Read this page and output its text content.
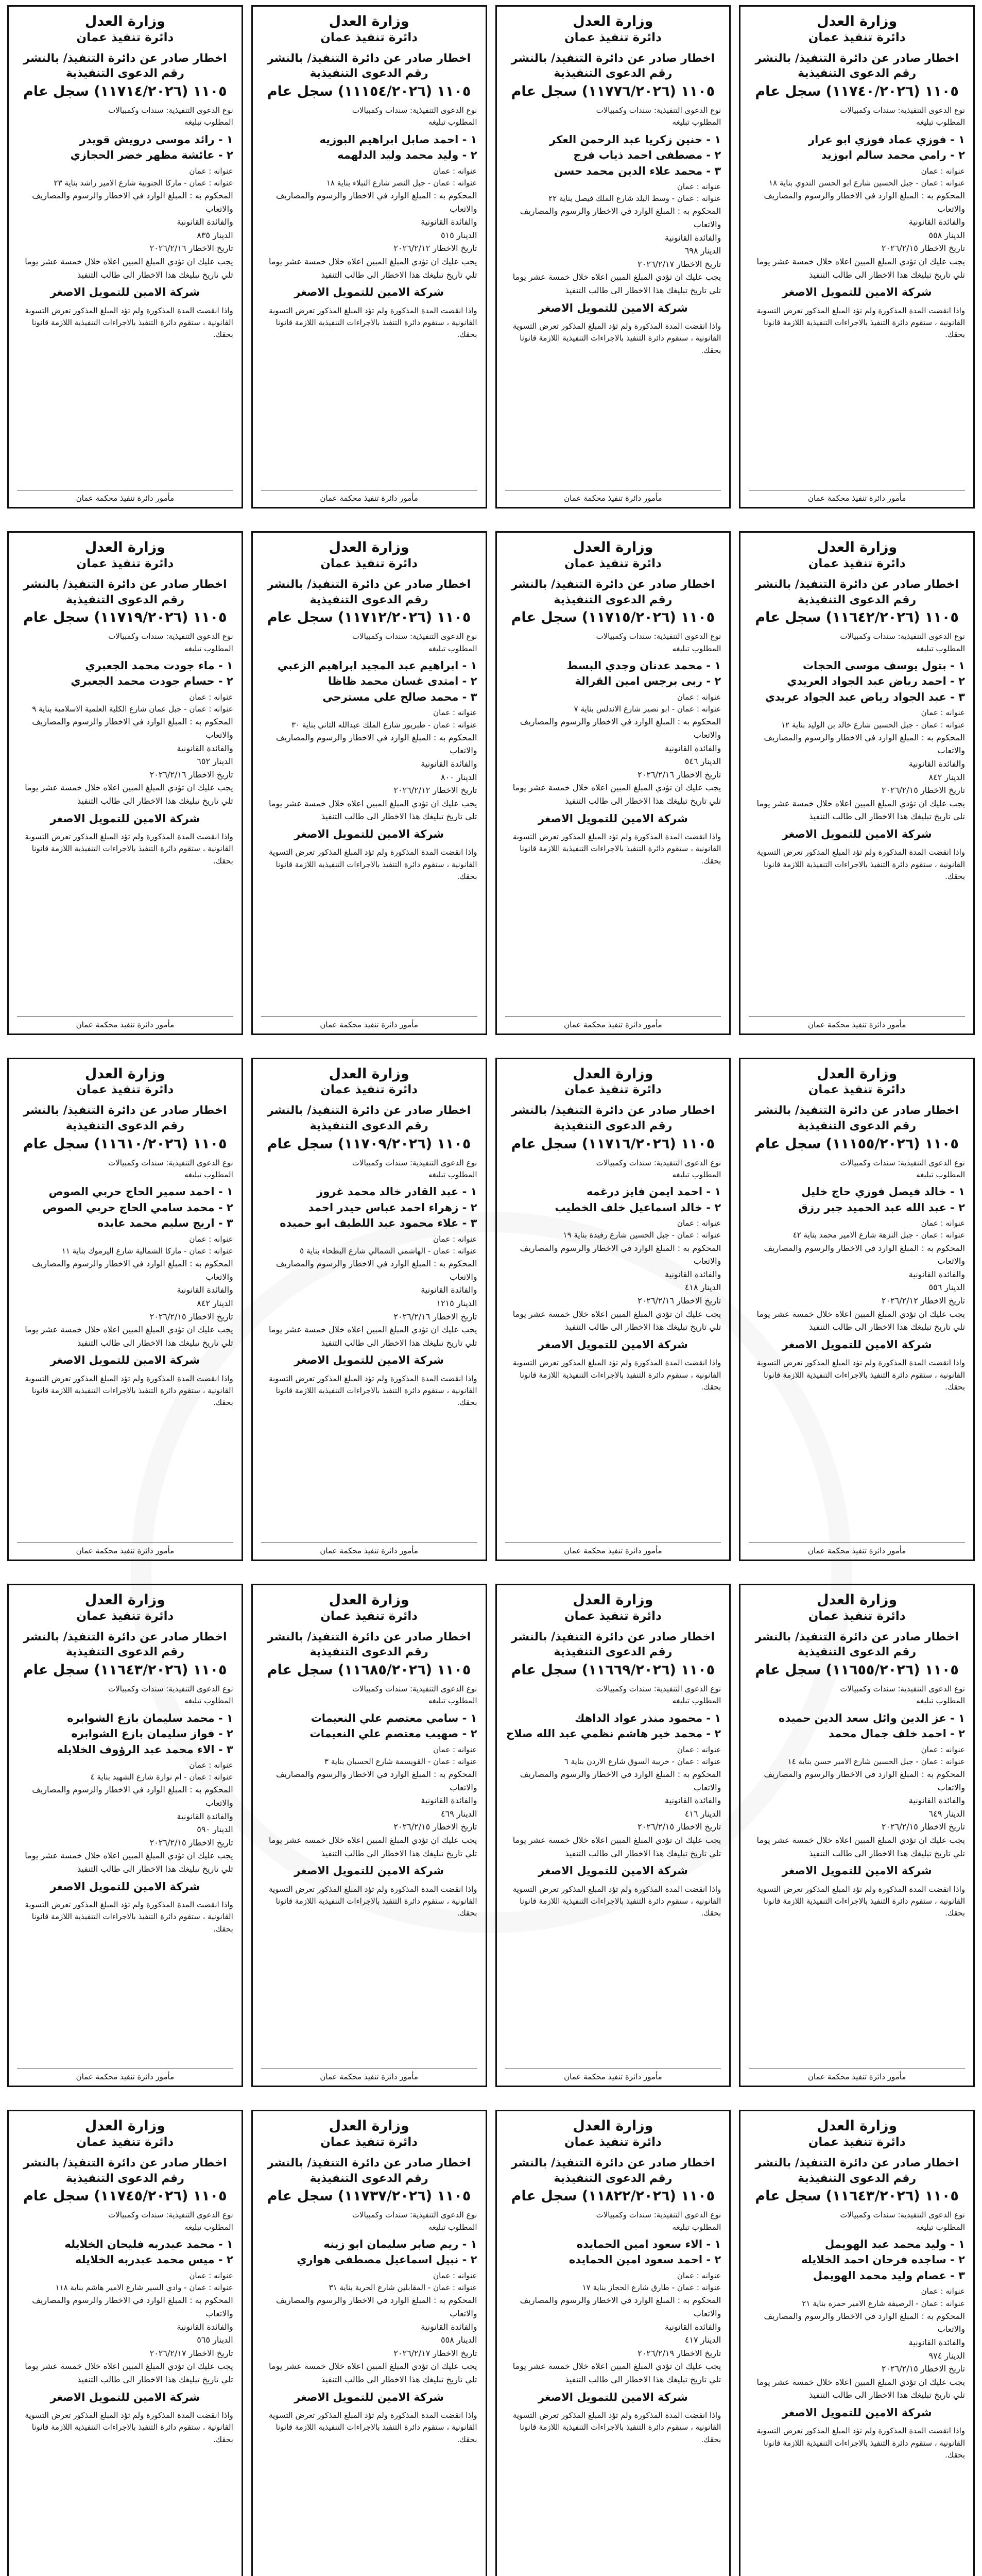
وزارة العدل
دائرة تنفيذ عمان
اخطار صادر عن دائرة التنفيذ/ بالنشر
رقم الدعوى التنفيذية
١١٠٥ (١١٧٤٠/٢٠٢٦) سجل عام
نوع الدعوى التنفيذية: سندات وكمبيالات
المطلوب تبليغه
١ - فوزي عماد فوزي ابو عرار
٢ - رامي محمد سالم ابوزيد
عنوانه : عمان
عنوانه : عمان - جبل الحسين شارع ابو الحسن الندوي بناية ١٨
المحكوم به : المبلغ الوارد في الاخطار والرسوم والمصاريف والاتعاب
والفائدة القانونية
الدينار ٥٥٨
تاريخ الاخطار ٢٠٢٦/٢/١٥
يجب عليك ان تؤدي المبلغ المبين اعلاه خلال خمسة عشر يوما تلي تاريخ تبليغك هذا الاخطار الى طالب التنفيذ
شركة الامين للتمويل الاصغر
واذا انقضت المدة المذكورة ولم تؤد المبلغ المذكور تعرض التسوية القانونية ، ستقوم دائرة التنفيذ بالاجراءات التنفيذية اللازمة قانونا بحقك.
مأمور دائرة تنفيذ محكمة عمان
وزارة العدل
دائرة تنفيذ عمان
اخطار صادر عن دائرة التنفيذ/ بالنشر
رقم الدعوى التنفيذية
١١٠٥ (١١٧٧٦/٢٠٢٦) سجل عام
نوع الدعوى التنفيذية: سندات وكمبيالات
المطلوب تبليغه
١ - حنين زكريا عبد الرحمن العكر
٢ - مصطفى احمد ذياب فرج
٣ - محمد علاء الدين محمد حسن
عنوانه : عمان
عنوانه : عمان - وسط البلد شارع الملك فيصل بناية ٢٢
المحكوم به : المبلغ الوارد في الاخطار والرسوم والمصاريف والاتعاب
والفائدة القانونية
الدينار ٦٩٨
تاريخ الاخطار ٢٠٢٦/٢/١٧
يجب عليك ان تؤدي المبلغ المبين اعلاه خلال خمسة عشر يوما تلي تاريخ تبليغك هذا الاخطار الى طالب التنفيذ
شركة الامين للتمويل الاصغر
واذا انقضت المدة المذكورة ولم تؤد المبلغ المذكور تعرض التسوية القانونية ، ستقوم دائرة التنفيذ بالاجراءات التنفيذية اللازمة قانونا بحقك.
مأمور دائرة تنفيذ محكمة عمان
وزارة العدل
دائرة تنفيذ عمان
اخطار صادر عن دائرة التنفيذ/ بالنشر
رقم الدعوى التنفيذية
١١٠٥ (١١١٥٤/٢٠٢٦) سجل عام
نوع الدعوى التنفيذية: سندات وكمبيالات
المطلوب تبليغه
١ - احمد صابل ابراهيم البوزيه
٢ - وليد محمد وليد الدلهمه
عنوانه : عمان
عنوانه : عمان - جبل النصر شارع النبلاء بناية ١٨
المحكوم به : المبلغ الوارد في الاخطار والرسوم والمصاريف والاتعاب
والفائدة القانونية
الدينار ٥١٥
تاريخ الاخطار ٢٠٢٦/٢/١٢
يجب عليك ان تؤدي المبلغ المبين اعلاه خلال خمسة عشر يوما تلي تاريخ تبليغك هذا الاخطار الى طالب التنفيذ
شركة الامين للتمويل الاصغر
واذا انقضت المدة المذكورة ولم تؤد المبلغ المذكور تعرض التسوية القانونية ، ستقوم دائرة التنفيذ بالاجراءات التنفيذية اللازمة قانونا بحقك.
مأمور دائرة تنفيذ محكمة عمان
وزارة العدل
دائرة تنفيذ عمان
اخطار صادر عن دائرة التنفيذ/ بالنشر
رقم الدعوى التنفيذية
١١٠٥ (١١٧١٤/٢٠٢٦) سجل عام
نوع الدعوى التنفيذية: سندات وكمبيالات
المطلوب تبليغه
١ - رائد موسى درويش قويدر
٢ - عائشة مظهر خضر الحجازي
عنوانه : عمان
عنوانه : عمان - ماركا الجنوبية شارع الامير راشد بناية ٢٣
المحكوم به : المبلغ الوارد في الاخطار والرسوم والمصاريف والاتعاب
والفائدة القانونية
الدينار ٨٣٥
تاريخ الاخطار ٢٠٢٦/٢/١٦
يجب عليك ان تؤدي المبلغ المبين اعلاه خلال خمسة عشر يوما تلي تاريخ تبليغك هذا الاخطار الى طالب التنفيذ
شركة الامين للتمويل الاصغر
واذا انقضت المدة المذكورة ولم تؤد المبلغ المذكور تعرض التسوية القانونية ، ستقوم دائرة التنفيذ بالاجراءات التنفيذية اللازمة قانونا بحقك.
مأمور دائرة تنفيذ محكمة عمان
وزارة العدل
دائرة تنفيذ عمان
اخطار صادر عن دائرة التنفيذ/ بالنشر
رقم الدعوى التنفيذية
١١٠٥ (١١٦٤٢/٢٠٢٦) سجل عام
نوع الدعوى التنفيذية: سندات وكمبيالات
المطلوب تبليغه
١ - بتول يوسف موسى الحجات
٢ - احمد رياض عبد الجواد العريدي
٣ - عبد الجواد رياض عبد الجواد عريدي
عنوانه : عمان
عنوانه : عمان - جبل الحسين شارع خالد بن الوليد بناية ١٢
المحكوم به : المبلغ الوارد في الاخطار والرسوم والمصاريف والاتعاب
والفائدة القانونية
الدينار ٨٤٢
تاريخ الاخطار ٢٠٢٦/٢/١٥
يجب عليك ان تؤدي المبلغ المبين اعلاه خلال خمسة عشر يوما تلي تاريخ تبليغك هذا الاخطار الى طالب التنفيذ
شركة الامين للتمويل الاصغر
واذا انقضت المدة المذكورة ولم تؤد المبلغ المذكور تعرض التسوية القانونية ، ستقوم دائرة التنفيذ بالاجراءات التنفيذية اللازمة قانونا بحقك.
مأمور دائرة تنفيذ محكمة عمان
وزارة العدل
دائرة تنفيذ عمان
اخطار صادر عن دائرة التنفيذ/ بالنشر
رقم الدعوى التنفيذية
١١٠٥ (١١٧١٥/٢٠٢٦) سجل عام
نوع الدعوى التنفيذية: سندات وكمبيالات
المطلوب تبليغه
١ - محمد عدنان وجدي البسط
٢ - ربى برجس امين القرالة
عنوانه : عمان
عنوانه : عمان - ابو نصير شارع الاندلس بناية ٧
المحكوم به : المبلغ الوارد في الاخطار والرسوم والمصاريف والاتعاب
والفائدة القانونية
الدينار ٥٤٦
تاريخ الاخطار ٢٠٢٦/٢/١٦
يجب عليك ان تؤدي المبلغ المبين اعلاه خلال خمسة عشر يوما تلي تاريخ تبليغك هذا الاخطار الى طالب التنفيذ
شركة الامين للتمويل الاصغر
واذا انقضت المدة المذكورة ولم تؤد المبلغ المذكور تعرض التسوية القانونية ، ستقوم دائرة التنفيذ بالاجراءات التنفيذية اللازمة قانونا بحقك.
مأمور دائرة تنفيذ محكمة عمان
وزارة العدل
دائرة تنفيذ عمان
اخطار صادر عن دائرة التنفيذ/ بالنشر
رقم الدعوى التنفيذية
١١٠٥ (١١٧١٢/٢٠٢٦) سجل عام
نوع الدعوى التنفيذية: سندات وكمبيالات
المطلوب تبليغه
١ - ابراهيم عبد المجيد ابراهيم الزعبي
٢ - امتدى غسان محمد ظاظا
٣ - محمد صالح علي مسترجي
عنوانه : عمان
عنوانه : عمان - طبربور شارع الملك عبدالله الثاني بناية ٣٠
المحكوم به : المبلغ الوارد في الاخطار والرسوم والمصاريف والاتعاب
والفائدة القانونية
الدينار ٨٠٠
تاريخ الاخطار ٢٠٢٦/٢/١٢
يجب عليك ان تؤدي المبلغ المبين اعلاه خلال خمسة عشر يوما تلي تاريخ تبليغك هذا الاخطار الى طالب التنفيذ
شركة الامين للتمويل الاصغر
واذا انقضت المدة المذكورة ولم تؤد المبلغ المذكور تعرض التسوية القانونية ، ستقوم دائرة التنفيذ بالاجراءات التنفيذية اللازمة قانونا بحقك.
مأمور دائرة تنفيذ محكمة عمان
وزارة العدل
دائرة تنفيذ عمان
اخطار صادر عن دائرة التنفيذ/ بالنشر
رقم الدعوى التنفيذية
١١٠٥ (١١٧١٩/٢٠٢٦) سجل عام
نوع الدعوى التنفيذية: سندات وكمبيالات
المطلوب تبليغه
١ - ماء جودت محمد الجعبري
٢ - حسام جودت محمد الجعبري
عنوانه : عمان
عنوانه : عمان - جبل عمان شارع الكلية العلمية الاسلامية بناية ٩
المحكوم به : المبلغ الوارد في الاخطار والرسوم والمصاريف والاتعاب
والفائدة القانونية
الدينار ٦٥٢
تاريخ الاخطار ٢٠٢٦/٢/١٦
يجب عليك ان تؤدي المبلغ المبين اعلاه خلال خمسة عشر يوما تلي تاريخ تبليغك هذا الاخطار الى طالب التنفيذ
شركة الامين للتمويل الاصغر
واذا انقضت المدة المذكورة ولم تؤد المبلغ المذكور تعرض التسوية القانونية ، ستقوم دائرة التنفيذ بالاجراءات التنفيذية اللازمة قانونا بحقك.
مأمور دائرة تنفيذ محكمة عمان
وزارة العدل
دائرة تنفيذ عمان
اخطار صادر عن دائرة التنفيذ/ بالنشر
رقم الدعوى التنفيذية
١١٠٥ (١١١٥٥/٢٠٢٦) سجل عام
نوع الدعوى التنفيذية: سندات وكمبيالات
المطلوب تبليغه
١ - خالد فيصل فوزي حاج خليل
٢ - عبد الله عبد الحميد جبر رزق
عنوانه : عمان
عنوانه : عمان - جبل النزهة شارع الامير محمد بناية ٤٢
المحكوم به : المبلغ الوارد في الاخطار والرسوم والمصاريف والاتعاب
والفائدة القانونية
الدينار ٥٥٦
تاريخ الاخطار ٢٠٢٦/٢/١٢
يجب عليك ان تؤدي المبلغ المبين اعلاه خلال خمسة عشر يوما تلي تاريخ تبليغك هذا الاخطار الى طالب التنفيذ
شركة الامين للتمويل الاصغر
واذا انقضت المدة المذكورة ولم تؤد المبلغ المذكور تعرض التسوية القانونية ، ستقوم دائرة التنفيذ بالاجراءات التنفيذية اللازمة قانونا بحقك.
مأمور دائرة تنفيذ محكمة عمان
وزارة العدل
دائرة تنفيذ عمان
اخطار صادر عن دائرة التنفيذ/ بالنشر
رقم الدعوى التنفيذية
١١٠٥ (١١٧١٦/٢٠٢٦) سجل عام
نوع الدعوى التنفيذية: سندات وكمبيالات
المطلوب تبليغه
١ - احمد ايمن فايز درغمه
٢ - خالد اسماعيل خلف الخطيب
عنوانه : عمان
عنوانه : عمان - جبل الحسين شارع رفيدة بناية ١٩
المحكوم به : المبلغ الوارد في الاخطار والرسوم والمصاريف والاتعاب
والفائدة القانونية
الدينار ٤١٨
تاريخ الاخطار ٢٠٢٦/٢/١٦
يجب عليك ان تؤدي المبلغ المبين اعلاه خلال خمسة عشر يوما تلي تاريخ تبليغك هذا الاخطار الى طالب التنفيذ
شركة الامين للتمويل الاصغر
واذا انقضت المدة المذكورة ولم تؤد المبلغ المذكور تعرض التسوية القانونية ، ستقوم دائرة التنفيذ بالاجراءات التنفيذية اللازمة قانونا بحقك.
مأمور دائرة تنفيذ محكمة عمان
وزارة العدل
دائرة تنفيذ عمان
اخطار صادر عن دائرة التنفيذ/ بالنشر
رقم الدعوى التنفيذية
١١٠٥ (١١٧٠٩/٢٠٢٦) سجل عام
نوع الدعوى التنفيذية: سندات وكمبيالات
المطلوب تبليغه
١ - عبد القادر خالد محمد غروز
٢ - زهراء احمد عباس حيدر احمد
٣ - علاء محمود عبد اللطيف ابو حميده
عنوانه : عمان
عنوانه : عمان - الهاشمي الشمالي شارع البطحاء بناية ٥
المحكوم به : المبلغ الوارد في الاخطار والرسوم والمصاريف والاتعاب
والفائدة القانونية
الدينار ١٢١٥
تاريخ الاخطار ٢٠٢٦/٢/١٦
يجب عليك ان تؤدي المبلغ المبين اعلاه خلال خمسة عشر يوما تلي تاريخ تبليغك هذا الاخطار الى طالب التنفيذ
شركة الامين للتمويل الاصغر
واذا انقضت المدة المذكورة ولم تؤد المبلغ المذكور تعرض التسوية القانونية ، ستقوم دائرة التنفيذ بالاجراءات التنفيذية اللازمة قانونا بحقك.
مأمور دائرة تنفيذ محكمة عمان
وزارة العدل
دائرة تنفيذ عمان
اخطار صادر عن دائرة التنفيذ/ بالنشر
رقم الدعوى التنفيذية
١١٠٥ (١١٦١٠/٢٠٢٦) سجل عام
نوع الدعوى التنفيذية: سندات وكمبيالات
المطلوب تبليغه
١ - احمد سمير الحاج حربي الصوص
٢ - محمد سامي الحاج حربي الصوص
٣ - اريج سليم محمد عابده
عنوانه : عمان
عنوانه : عمان - ماركا الشمالية شارع اليرموك بناية ١١
المحكوم به : المبلغ الوارد في الاخطار والرسوم والمصاريف والاتعاب
والفائدة القانونية
الدينار ٨٤٢
تاريخ الاخطار ٢٠٢٦/٢/١٥
يجب عليك ان تؤدي المبلغ المبين اعلاه خلال خمسة عشر يوما تلي تاريخ تبليغك هذا الاخطار الى طالب التنفيذ
شركة الامين للتمويل الاصغر
واذا انقضت المدة المذكورة ولم تؤد المبلغ المذكور تعرض التسوية القانونية ، ستقوم دائرة التنفيذ بالاجراءات التنفيذية اللازمة قانونا بحقك.
مأمور دائرة تنفيذ محكمة عمان
وزارة العدل
دائرة تنفيذ عمان
اخطار صادر عن دائرة التنفيذ/ بالنشر
رقم الدعوى التنفيذية
١١٠٥ (١١٦٥٥/٢٠٢٦) سجل عام
نوع الدعوى التنفيذية: سندات وكمبيالات
المطلوب تبليغه
١ - عز الدين وائل سعد الدين حميده
٢ - احمد خلف جمال محمد
عنوانه : عمان
عنوانه : عمان - جبل الحسين شارع الامير حسن بناية ١٤
المحكوم به : المبلغ الوارد في الاخطار والرسوم والمصاريف والاتعاب
والفائدة القانونية
الدينار ٦٤٩
تاريخ الاخطار ٢٠٢٦/٢/١٥
يجب عليك ان تؤدي المبلغ المبين اعلاه خلال خمسة عشر يوما تلي تاريخ تبليغك هذا الاخطار الى طالب التنفيذ
شركة الامين للتمويل الاصغر
واذا انقضت المدة المذكورة ولم تؤد المبلغ المذكور تعرض التسوية القانونية ، ستقوم دائرة التنفيذ بالاجراءات التنفيذية اللازمة قانونا بحقك.
مأمور دائرة تنفيذ محكمة عمان
وزارة العدل
دائرة تنفيذ عمان
اخطار صادر عن دائرة التنفيذ/ بالنشر
رقم الدعوى التنفيذية
١١٠٥ (١١٦٦٩/٢٠٢٦) سجل عام
نوع الدعوى التنفيذية: سندات وكمبيالات
المطلوب تبليغه
١ - محمود منذر عواد الداهك
٢ - محمد خير هاشم نظمي عبد الله صلاح
عنوانه : عمان
عنوانه : عمان - خريبة السوق شارع الاردن بناية ٦
المحكوم به : المبلغ الوارد في الاخطار والرسوم والمصاريف والاتعاب
والفائدة القانونية
الدينار ٤١٦
تاريخ الاخطار ٢٠٢٦/٢/١٥
يجب عليك ان تؤدي المبلغ المبين اعلاه خلال خمسة عشر يوما تلي تاريخ تبليغك هذا الاخطار الى طالب التنفيذ
شركة الامين للتمويل الاصغر
واذا انقضت المدة المذكورة ولم تؤد المبلغ المذكور تعرض التسوية القانونية ، ستقوم دائرة التنفيذ بالاجراءات التنفيذية اللازمة قانونا بحقك.
مأمور دائرة تنفيذ محكمة عمان
وزارة العدل
دائرة تنفيذ عمان
اخطار صادر عن دائرة التنفيذ/ بالنشر
رقم الدعوى التنفيذية
١١٠٥ (١١٦٨٥/٢٠٢٦) سجل عام
نوع الدعوى التنفيذية: سندات وكمبيالات
المطلوب تبليغه
١ - سامي معتصم علي النعيمات
٢ - صهيب معتصم علي النعيمات
عنوانه : عمان
عنوانه : عمان - القويسمة شارع الحسبان بناية ٣
المحكوم به : المبلغ الوارد في الاخطار والرسوم والمصاريف والاتعاب
والفائدة القانونية
الدينار ٤٦٩
تاريخ الاخطار ٢٠٢٦/٢/١٥
يجب عليك ان تؤدي المبلغ المبين اعلاه خلال خمسة عشر يوما تلي تاريخ تبليغك هذا الاخطار الى طالب التنفيذ
شركة الامين للتمويل الاصغر
واذا انقضت المدة المذكورة ولم تؤد المبلغ المذكور تعرض التسوية القانونية ، ستقوم دائرة التنفيذ بالاجراءات التنفيذية اللازمة قانونا بحقك.
مأمور دائرة تنفيذ محكمة عمان
وزارة العدل
دائرة تنفيذ عمان
اخطار صادر عن دائرة التنفيذ/ بالنشر
رقم الدعوى التنفيذية
١١٠٥ (١١٦٤٣/٢٠٢٦) سجل عام
نوع الدعوى التنفيذية: سندات وكمبيالات
المطلوب تبليغه
١ - محمد سليمان بازع الشوابره
٢ - فواز سليمان بازع الشوابره
٣ - الاء محمد عبد الرؤوف الخلايله
عنوانه : عمان
عنوانه : عمان - ام نوارة شارع الشهيد بناية ٤
المحكوم به : المبلغ الوارد في الاخطار والرسوم والمصاريف والاتعاب
والفائدة القانونية
الدينار ٥٩٠
تاريخ الاخطار ٢٠٢٦/٢/١٥
يجب عليك ان تؤدي المبلغ المبين اعلاه خلال خمسة عشر يوما تلي تاريخ تبليغك هذا الاخطار الى طالب التنفيذ
شركة الامين للتمويل الاصغر
واذا انقضت المدة المذكورة ولم تؤد المبلغ المذكور تعرض التسوية القانونية ، ستقوم دائرة التنفيذ بالاجراءات التنفيذية اللازمة قانونا بحقك.
مأمور دائرة تنفيذ محكمة عمان
وزارة العدل
دائرة تنفيذ عمان
اخطار صادر عن دائرة التنفيذ/ بالنشر
رقم الدعوى التنفيذية
١١٠٥ (١١٦٤٣/٢٠٢٦) سجل عام
نوع الدعوى التنفيذية: سندات وكمبيالات
المطلوب تبليغه
١ - وليد محمد عبد الهويمل
٢ - ساجده فرحان احمد الخلايله
٣ - عصام وليد محمد الهويمل
عنوانه : عمان
عنوانه : عمان - الرصيفة شارع الامير حمزه بناية ٢١
المحكوم به : المبلغ الوارد في الاخطار والرسوم والمصاريف والاتعاب
والفائدة القانونية
الدينار ٩٧٤
تاريخ الاخطار ٢٠٢٦/٢/١٥
يجب عليك ان تؤدي المبلغ المبين اعلاه خلال خمسة عشر يوما تلي تاريخ تبليغك هذا الاخطار الى طالب التنفيذ
شركة الامين للتمويل الاصغر
واذا انقضت المدة المذكورة ولم تؤد المبلغ المذكور تعرض التسوية القانونية ، ستقوم دائرة التنفيذ بالاجراءات التنفيذية اللازمة قانونا بحقك.
وزارة العدل
دائرة تنفيذ عمان
اخطار صادر عن دائرة التنفيذ/ بالنشر
رقم الدعوى التنفيذية
١١٠٥ (١١٨٢٢/٢٠٢٦) سجل عام
نوع الدعوى التنفيذية: سندات وكمبيالات
المطلوب تبليغه
١ - الاء سعود امين الحمايده
٢ - احمد سعود امين الحمايده
عنوانه : عمان
عنوانه : عمان - طارق شارع الحجاز بناية ١٧
المحكوم به : المبلغ الوارد في الاخطار والرسوم والمصاريف والاتعاب
والفائدة القانونية
الدينار ٤١٧
تاريخ الاخطار ٢٠٢٦/٢/١٩
يجب عليك ان تؤدي المبلغ المبين اعلاه خلال خمسة عشر يوما تلي تاريخ تبليغك هذا الاخطار الى طالب التنفيذ
شركة الامين للتمويل الاصغر
واذا انقضت المدة المذكورة ولم تؤد المبلغ المذكور تعرض التسوية القانونية ، ستقوم دائرة التنفيذ بالاجراءات التنفيذية اللازمة قانونا بحقك.
وزارة العدل
دائرة تنفيذ عمان
اخطار صادر عن دائرة التنفيذ/ بالنشر
رقم الدعوى التنفيذية
١١٠٥ (١١٧٣٧/٢٠٢٦) سجل عام
نوع الدعوى التنفيذية: سندات وكمبيالات
المطلوب تبليغه
١ - ريم صابر سليمان ابو زينه
٢ - نبيل اسماعيل مصطفى هواري
عنوانه : عمان
عنوانه : عمان - المقابلين شارع الحرية بناية ٣١
المحكوم به : المبلغ الوارد في الاخطار والرسوم والمصاريف والاتعاب
والفائدة القانونية
الدينار ٥٥٨
تاريخ الاخطار ٢٠٢٦/٢/١٧
يجب عليك ان تؤدي المبلغ المبين اعلاه خلال خمسة عشر يوما تلي تاريخ تبليغك هذا الاخطار الى طالب التنفيذ
شركة الامين للتمويل الاصغر
واذا انقضت المدة المذكورة ولم تؤد المبلغ المذكور تعرض التسوية القانونية ، ستقوم دائرة التنفيذ بالاجراءات التنفيذية اللازمة قانونا بحقك.
وزارة العدل
دائرة تنفيذ عمان
اخطار صادر عن دائرة التنفيذ/ بالنشر
رقم الدعوى التنفيذية
١١٠٥ (١١٧٤٥/٢٠٢٦) سجل عام
نوع الدعوى التنفيذية: سندات وكمبيالات
المطلوب تبليغه
١ - محمد عبدربه فليحان الخلايله
٢ - ميس محمد عبدربه الخلايله
عنوانه : عمان
عنوانه : عمان - وادي السير شارع الامير هاشم بناية ١١٨
المحكوم به : المبلغ الوارد في الاخطار والرسوم والمصاريف والاتعاب
والفائدة القانونية
الدينار ٥٦٥
تاريخ الاخطار ٢٠٢٦/٢/١٧
يجب عليك ان تؤدي المبلغ المبين اعلاه خلال خمسة عشر يوما تلي تاريخ تبليغك هذا الاخطار الى طالب التنفيذ
شركة الامين للتمويل الاصغر
واذا انقضت المدة المذكورة ولم تؤد المبلغ المذكور تعرض التسوية القانونية ، ستقوم دائرة التنفيذ بالاجراءات التنفيذية اللازمة قانونا بحقك.
